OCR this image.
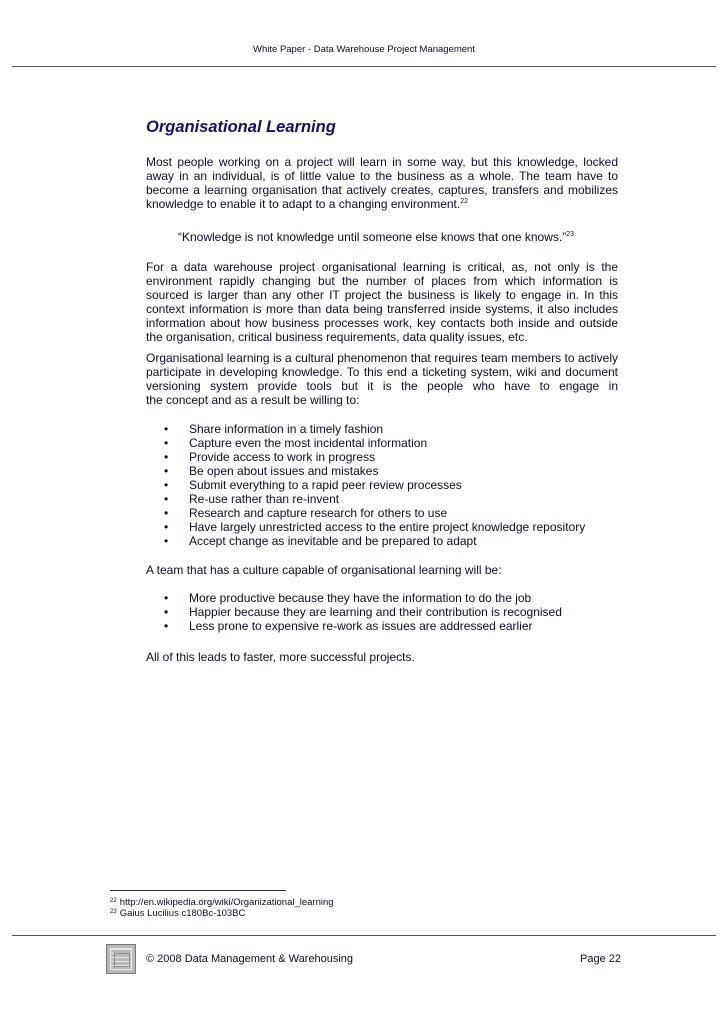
White Paper - Data Warehouse Project Management
Organisational Learning

Most people working on a project will learn in some way, but this knowledge, locked away in an individual, is of little value to the business as a whole. The team have to become a learning organisation that actively creates, captures, transfers and mobilizes

knowledge to enable it to adapt to a changing environment.$^{22}$

“Knowledge is not knowledge until someone else knows that one knows.”$^{23}$

For a data warehouse project organisational learning is critical, as, not only is the environment rapidly changing but the number of places from which information is sourced is larger than any other IT project the business is likely to engage in. In this context information is more than data being transferred inside systems, it also includes information about how business processes work, key contacts both inside and outside

the organisation, critical business requirements, data quality issues, etc.

Organisational learning is a cultural phenomenon that requires team members to actively participate in developing knowledge. To this end a ticketing system, wiki and document versioning system provide tools but it is the people who have to engage in

the concept and as a result be willing to:

• Share information in a timely fashion
• Capture even the most incidental information
• Provide access to work in progress
• Be open about issues and mistakes
• Submit everything to a rapid peer review processes
• Re-use rather than re-invent
• Research and capture research for others to use
• Have largely unrestricted access to the entire project knowledge repository
• Accept change as inevitable and be prepared to adapt

A team that has a culture capable of organisational learning will be:

• More productive because they have the information to do the job
• Happier because they are learning and their contribution is recognised
• Less prone to expensive re-work as issues are addressed earlier

All of this leads to faster, more successful projects.

$^{22}$ http://en.wikipedia.org/wiki/Organizational_learning
$^{23}$ Gaius Lucilius c180Bc-103BC
© 2008 Data Management & Warehousing	Page 22
